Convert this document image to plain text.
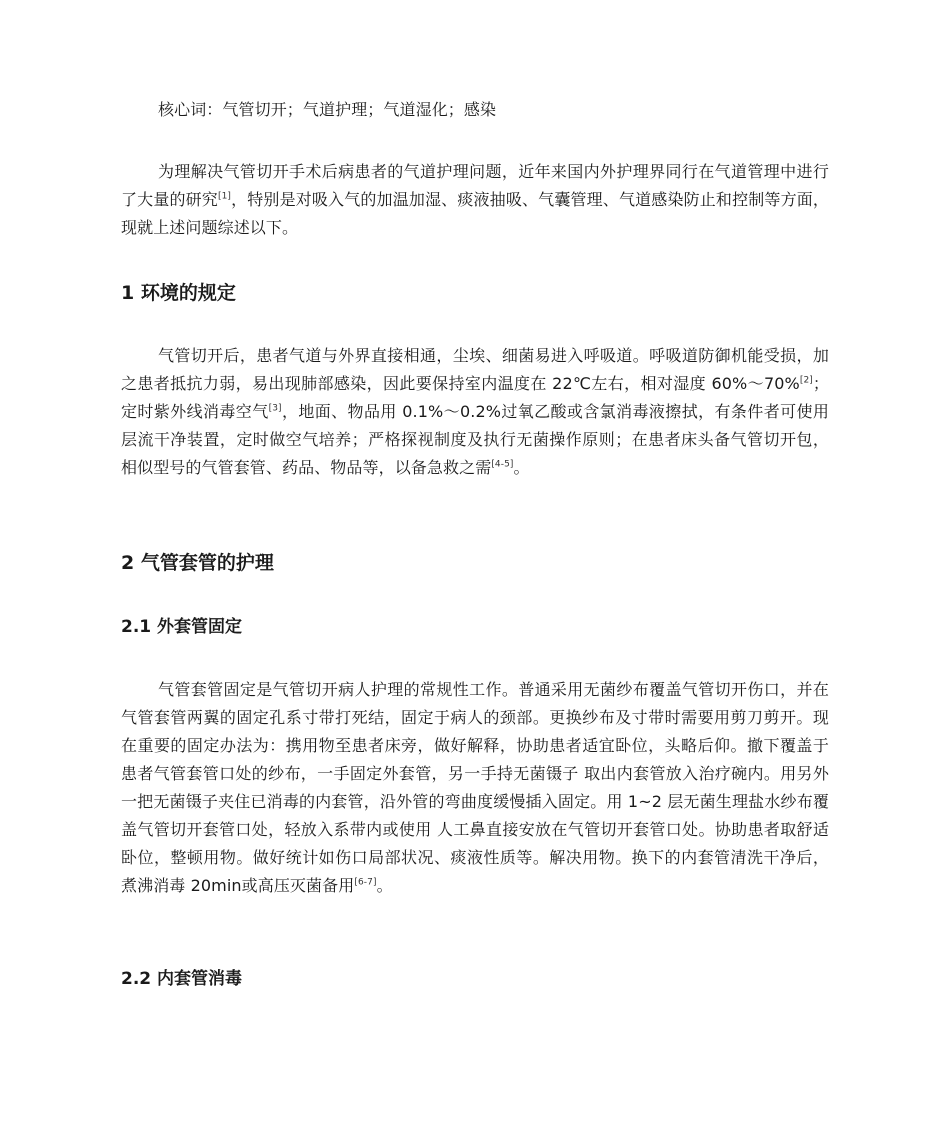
核心词：气管切开；气道护理；气道湿化；感染

为理解决气管切开手术后病患者的气道护理问题，近年来国内外护理界同行在气道管理中进行了大量的研究[1]，特别是对吸入气的加温加湿、痰液抽吸、气囊管理、气道感染防止和控制等方面，现就上述问题综述以下。

1 环境的规定

气管切开后，患者气道与外界直接相通，尘埃、细菌易进入呼吸道。呼吸道防御机能受损，加之患者抵抗力弱，易出现肺部感染，因此要保持室内温度在 22℃左右，相对湿度 60%～70%[2]；定时紫外线消毒空气[3]，地面、物品用 0.1%～0.2%过氧乙酸或含氯消毒液擦拭，有条件者可使用层流干净装置，定时做空气培养；严格探视制度及执行无菌操作原则；在患者床头备气管切开包，相似型号的气管套管、药品、物品等，以备急救之需[4-5]。

2 气管套管的护理
2.1 外套管固定

气管套管固定是气管切开病人护理的常规性工作。普通采用无菌纱布覆盖气管切开伤口，并在气管套管两翼的固定孔系寸带打死结，固定于病人的颈部。更换纱布及寸带时需要用剪刀剪开。现在重要的固定办法为：携用物至患者床旁，做好解释，协助患者适宜卧位，头略后仰。撤下覆盖于患者气管套管口处的纱布，一手固定外套管，另一手持无菌镊子 取出内套管放入治疗碗内。用另外一把无菌镊子夹住已消毒的内套管，沿外管的弯曲度缓慢插入固定。用 1~2 层无菌生理盐水纱布覆盖气管切开套管口处，轻放入系带内或使用 人工鼻直接安放在气管切开套管口处。协助患者取舒适卧位，整顿用物。做好统计如伤口局部状况、痰液性质等。解决用物。换下的内套管清洗干净后，煮沸消毒 20min或高压灭菌备用[6-7]。

2.2 内套管消毒
